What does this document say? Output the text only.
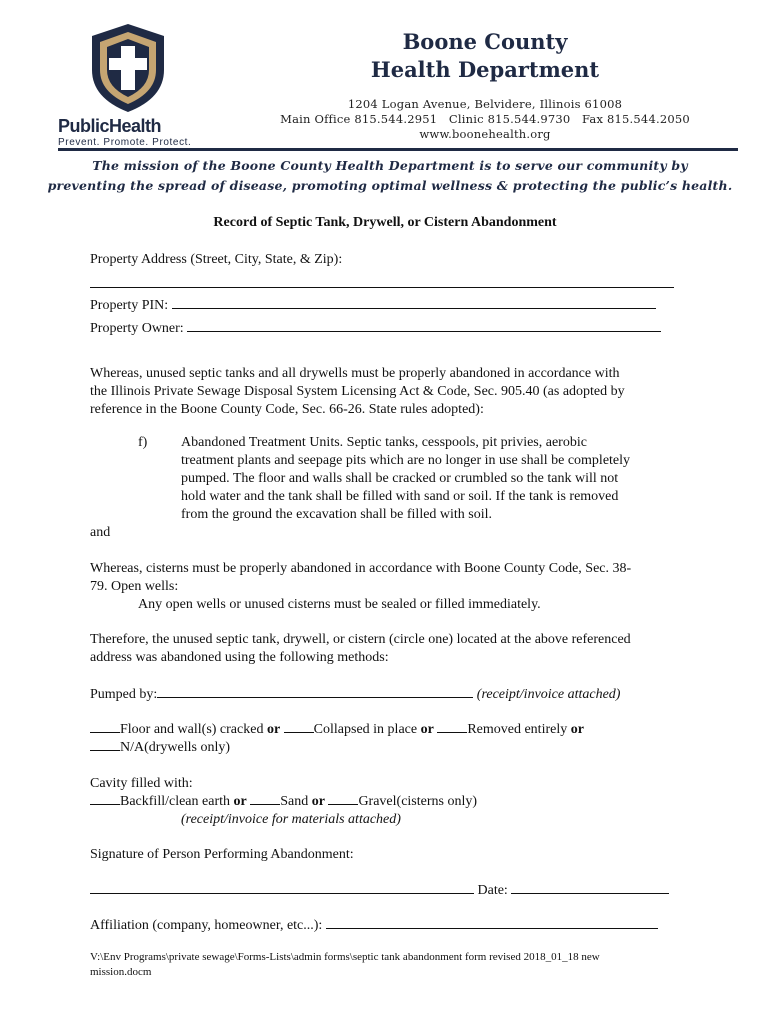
PublicHealth
Prevent. Promote. Protect.
Boone County
Health Department
1204 Logan Avenue, Belvidere, Illinois 61008
Main Office 815.544.2951   Clinic 815.544.9730   Fax 815.544.2050
www.boonehealth.org
The mission of the Boone County Health Department is to serve our community by
preventing the spread of disease, promoting optimal wellness & protecting the public’s health.
Record of Septic Tank, Drywell, or Cistern Abandonment
Property Address (Street, City, State, & Zip):
Property PIN:
Property Owner:
Whereas, unused septic tanks and all drywells must be properly abandoned in accordance with
the Illinois Private Sewage Disposal System Licensing Act & Code, Sec. 905.40 (as adopted by
reference in the Boone County Code, Sec. 66-26. State rules adopted):
f) Abandoned Treatment Units. Septic tanks, cesspools, pit privies, aerobic
treatment plants and seepage pits which are no longer in use shall be completely
pumped. The floor and walls shall be cracked or crumbled so the tank will not
hold water and the tank shall be filled with sand or soil. If the tank is removed
from the ground the excavation shall be filled with soil.
and
Whereas, cisterns must be properly abandoned in accordance with Boone County Code, Sec. 38-
79. Open wells:
Any open wells or unused cisterns must be sealed or filled immediately.
Therefore, the unused septic tank, drywell, or cistern (circle one) located at the above referenced
address was abandoned using the following methods:
Pumped by:	(receipt/invoice attached)
Floor and wall(s) cracked or Collapsed in place or Removed entirely or
N/A(drywells only)
Cavity filled with:
Backfill/clean earth or Sand or Gravel(cisterns only)
(receipt/invoice for materials attached)
Signature of Person Performing Abandonment:
Date:
Affiliation (company, homeowner, etc...):
V:\Env Programs\private sewage\Forms-Lists\admin forms\septic tank abandonment form revised 2018_01_18 new
mission.docm
